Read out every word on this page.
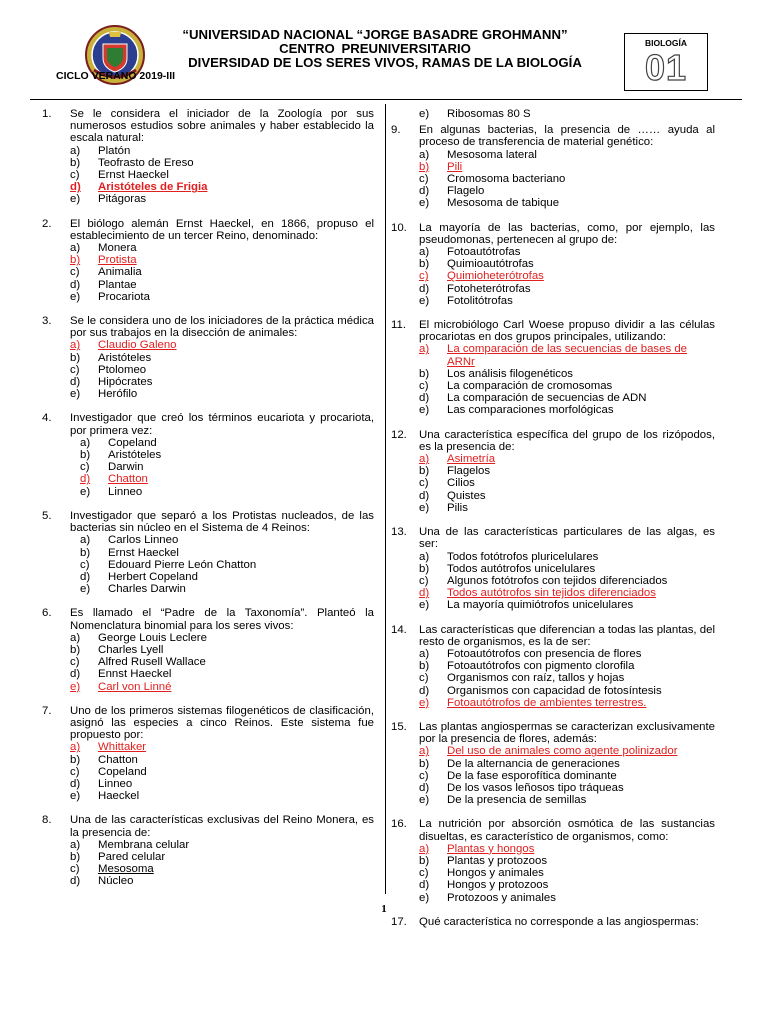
“UNIVERSIDAD NACIONAL “JORGE BASADRE GROHMANN”
CENTRO PREUNIVERSITARIO
DIVERSIDAD DE LOS SERES VIVOS, RAMAS DE LA BIOLOGÍA
CICLO VERANO 2019-III
BIOLOGÍA
01
1.	Se le considera el iniciador de la Zoología por sus numerosos estudios sobre animales y haber establecido la escala natural:
a)	Platón
b)	Teofrasto de Ereso
c)	Ernst Haeckel
d)	Aristóteles de Frigia
e)	Pitágoras
2.	El biólogo alemán Ernst Haeckel, en 1866, propuso el establecimiento de un tercer Reino, denominado:
a)	Monera
b)	Protista
c)	Animalia
d)	Plantae
e)	Procariota
3.	Se le considera uno de los iniciadores de la práctica médica por sus trabajos en la disección de animales:
a)	Claudio Galeno
b)	Aristóteles
c)	Ptolomeo
d)	Hipócrates
e)	Herófilo
4.	Investigador que creó los términos eucariota y procariota, por primera vez:
a)	Copeland
b)	Aristóteles
c)	Darwin
d)	Chatton
e)	Linneo
5.	Investigador que separó a los Protistas nucleados, de las bacterias sin núcleo en el Sistema de 4 Reinos:
a)	Carlos Linneo
b)	Ernst Haeckel
c)	Edouard Pierre León Chatton
d)	Herbert Copeland
e)	Charles Darwin
6.	Es llamado el “Padre de la Taxonomía”. Planteó la Nomenclatura binomial para los seres vivos:
a)	George Louis Leclere
b)	Charles Lyell
c)	Alfred Rusell Wallace
d)	Ennst Haeckel
e)	Carl von Linné
7.	Uno de los primeros sistemas filogenéticos de clasificación, asignó las especies a cinco Reinos. Este sistema fue propuesto por:
a)	Whittaker
b)	Chatton
c)	Copeland
d)	Linneo
e)	Haeckel
8.	Una de las características exclusivas del Reino Monera, es la presencia de:
a)	Membrana celular
b)	Pared celular
c)	Mesosoma
d)	Núcleo
e)	Ribosomas 80 S
9.	En algunas bacterias, la presencia de …… ayuda al proceso de transferencia de material genético:
a)	Mesosoma lateral
b)	Pili
c)	Cromosoma bacteriano
d)	Flagelo
e)	Mesosoma de tabique
10.	La mayoría de las bacterias, como, por ejemplo, las pseudomonas, pertenecen al grupo de:
a)	Fotoautótrofas
b)	Quimioautótrofas
c)	Quimioheterótrofas
d)	Fotoheterótrofas
e)	Fotolitótrofas
11.	El microbiólogo Carl Woese propuso dividir a las células procariotas en dos grupos principales, utilizando:
a)	La comparación de las secuencias de bases de ARNr
b)	Los análisis filogenéticos
c)	La comparación de cromosomas
d)	La comparación de secuencias de ADN
e)	Las comparaciones morfológicas
12.	Una característica específica del grupo de los rizópodos, es la presencia de:
a)	Asimetría
b)	Flagelos
c)	Cilios
d)	Quistes
e)	Pilis
13.	Una de las características particulares de las algas, es ser:
a)	Todos fotótrofos pluricelulares
b)	Todos autótrofos unicelulares
c)	Algunos fotótrofos con tejidos diferenciados
d)	Todos autótrofos sin tejidos diferenciados
e)	La mayoría quimiótrofos unicelulares
14.	Las características que diferencian a todas las plantas, del resto de organismos, es la de ser:
a)	Fotoautótrofos con presencia de flores
b)	Fotoautótrofos con pigmento clorofila
c)	Organismos con raíz, tallos y hojas
d)	Organismos con capacidad de fotosíntesis
e)	Fotoautótrofos de ambientes terrestres.
15.	Las plantas angiospermas se caracterizan exclusivamente por la presencia de flores, además:
a)	Del uso de animales como agente polinizador
b)	De la alternancia de generaciones
c)	De la fase esporofítica dominante
d)	De los vasos leñosos tipo tráqueas
e)	De la presencia de semillas
16.	La nutrición por absorción osmótica de las sustancias disueltas, es característico de organismos, como:
a)	Plantas y hongos
b)	Plantas y protozoos
c)	Hongos y animales
d)	Hongos y protozoos
e)	Protozoos y animales
17.	Qué característica no corresponde a las angiospermas:
1
